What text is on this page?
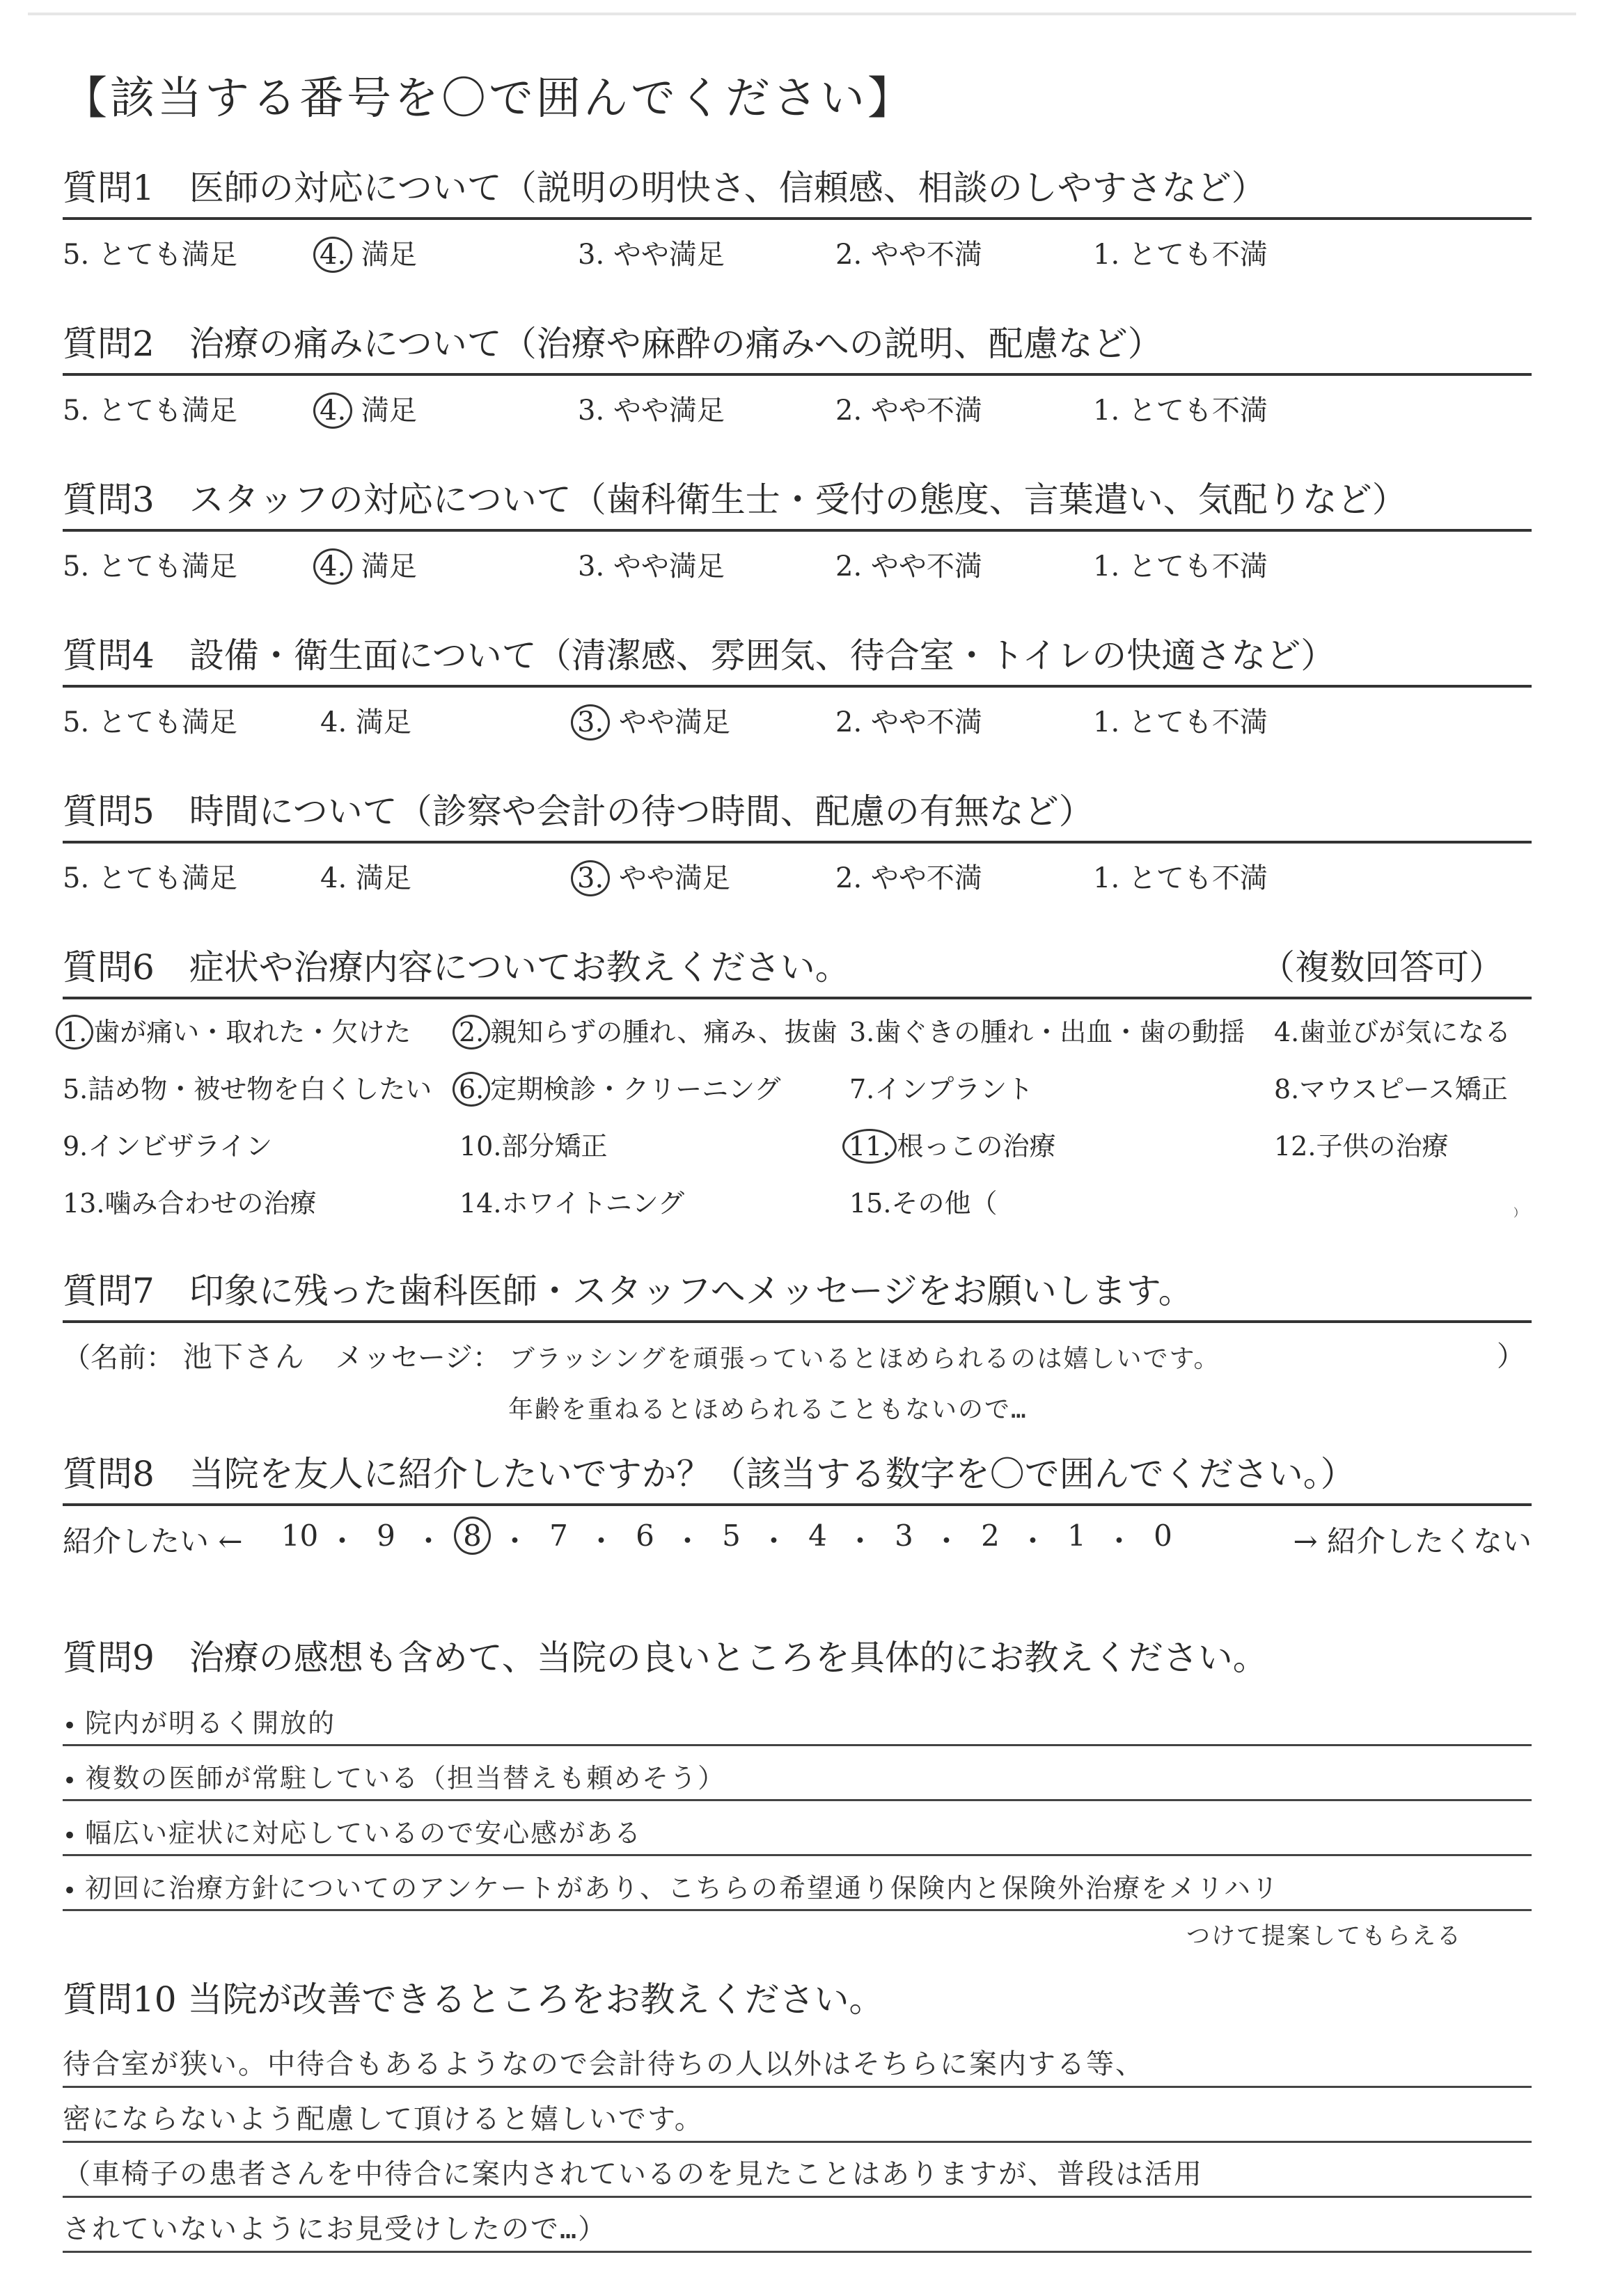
【該当する番号を〇で囲んでください】
質問1　医師の対応について（説明の明快さ、信頼感、相談のしやすさなど）
5. とても満足	4. 満足	3. やや満足	2. やや不満	1. とても不満
質問2　治療の痛みについて（治療や麻酔の痛みへの説明、配慮など）
5. とても満足	4. 満足	3. やや満足	2. やや不満	1. とても不満
質問3　スタッフの対応について（歯科衛生士・受付の態度、言葉遣い、気配りなど）
5. とても満足	4. 満足	3. やや満足	2. やや不満	1. とても不満
質問4　設備・衛生面について（清潔感、雰囲気、待合室・トイレの快適さなど）
5. とても満足	4. 満足	3. やや満足	2. やや不満	1. とても不満
質問5　時間について（診察や会計の待つ時間、配慮の有無など）
5. とても満足	4. 満足	3. やや満足	2. やや不満	1. とても不満
質問6　症状や治療内容についてお教えください。	（複数回答可）
1. 歯が痛い・取れた・欠けた	2. 親知らずの腫れ、痛み、抜歯 3.歯ぐきの腫れ・出血・歯の動揺	4.歯並びが気になる
5.詰め物・被せ物を白くしたい	6. 定期検診・クリーニング	7.インプラント	8.マウスピース矯正
9.インビザライン	10.部分矯正	11. 根っこの治療	12.子供の治療
13.噛み合わせの治療	14.ホワイトニング	15.その他（	）
質問7　印象に残った歯科医師・スタッフへメッセージをお願いします。
（名前： 池下さん メッセージ： ブラッシングを頑張っているとほめられるのは嬉しいです。	）
年齢を重ねるとほめられることもないので…
質問8　当院を友人に紹介したいですか？（該当する数字を〇で囲んでください。）
紹介したい ←	10 ・ 9 ・ 8 ・ 7 ・ 6 ・ 5 ・ 4 ・ 3 ・ 2 ・ 1 ・ 0	→ 紹介したくない
質問9　治療の感想も含めて、当院の良いところを具体的にお教えください。
• 院内が明るく開放的
• 複数の医師が常駐している（担当替えも頼めそう）
• 幅広い症状に対応しているので安心感がある
• 初回に治療方針についてのアンケートがあり、こちらの希望通り保険内と保険外治療をメリハリ
つけて提案してもらえる
質問10 当院が改善できるところをお教えください。
待合室が狭い。中待合もあるようなので会計待ちの人以外はそちらに案内する等、
密にならないよう配慮して頂けると嬉しいです。
（車椅子の患者さんを中待合に案内されているのを見たことはありますが、普段は活用
されていないようにお見受けしたので…）
